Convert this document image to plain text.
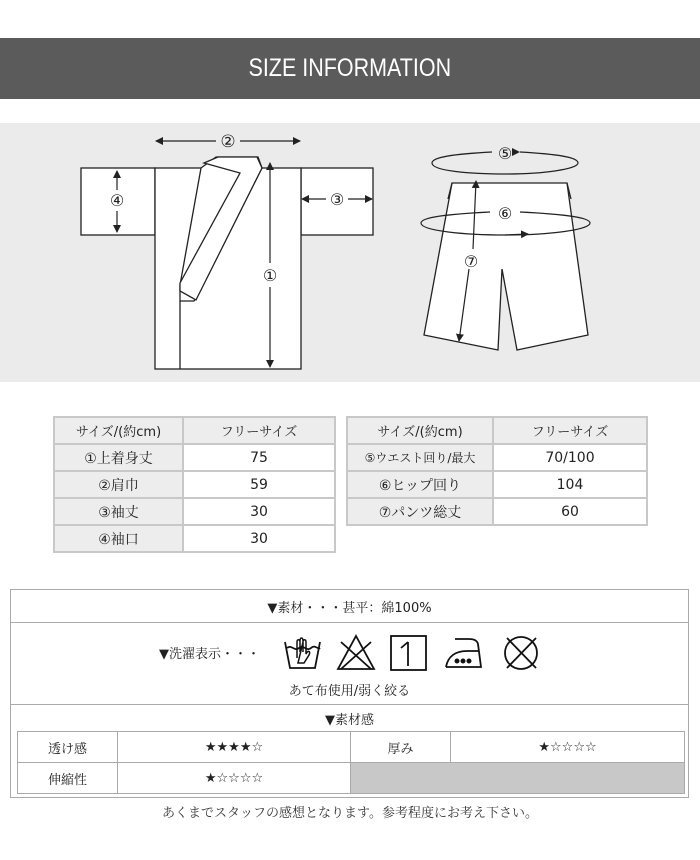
SIZE INFORMATION
②
④	③
①
⑤
⑥
⑦
サイズ/(約cm)	フリーサイズ
①上着身丈	75
②肩巾	59
③袖丈	30
④袖口	30
サイズ/(約cm)	フリーサイズ
⑤ウエスト回り/最大	70/100
⑥ヒップ回り	104
⑦パンツ総丈	60
▼素材・・・甚平：綿100%
▼洗濯表示・・・
あて布使用/弱く絞る
▼素材感
透け感	★★★★☆	厚み	★☆☆☆☆
伸縮性	★☆☆☆☆		
あくまでスタッフの感想となります。参考程度にお考え下さい。
